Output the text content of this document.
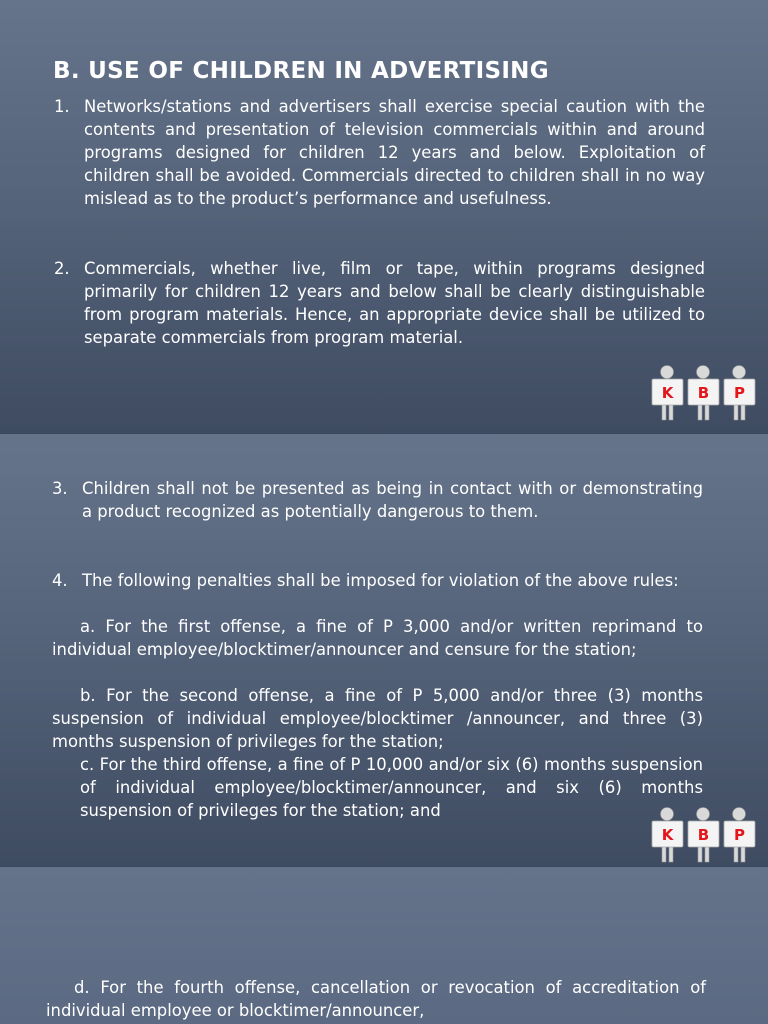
B. USE OF CHILDREN IN ADVERTISING
1. Networks/stations and advertisers shall exercise special caution with the contents and presentation of television commercials within and around programs designed for children 12 years and below. Exploitation of children shall be avoided. Commercials directed to children shall in no way mislead as to the product’s performance and usefulness.
2. Commercials, whether live, film or tape, within programs designed primarily for children 12 years and below shall be clearly distinguishable from program materials. Hence, an appropriate device shall be utilized to separate commercials from program material.
K B P
3. Children shall not be presented as being in contact with or demonstrating a product recognized as potentially dangerous to them.
4. The following penalties shall be imposed for violation of the above rules:
a. For the first offense, a fine of P 3,000 and/or written reprimand to individual employee/blocktimer/announcer and censure for the station;
b. For the second offense, a fine of P 5,000 and/or three (3) months suspension of individual employee/blocktimer /announcer, and three (3) months suspension of privileges for the station;
c. For the third offense, a fine of P 10,000 and/or six (6) months suspension of individual employee/blocktimer/announcer, and six (6) months suspension of privileges for the station; and
K B P
d. For the fourth offense, cancellation or revocation of accreditation of individual employee or blocktimer/announcer,
